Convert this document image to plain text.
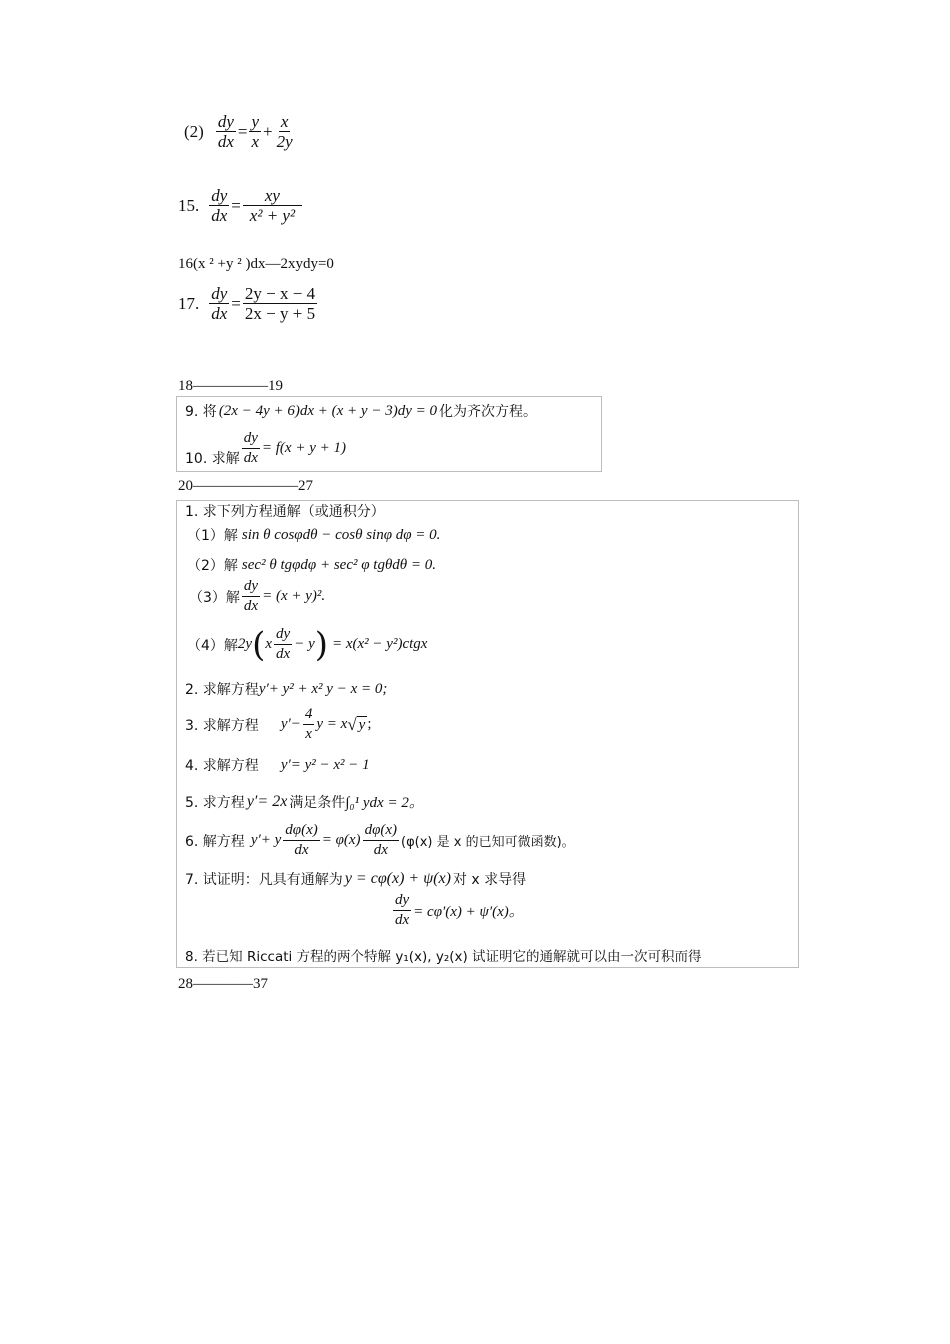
$(2) \frac{dy}{dx} = \frac{y}{x} + \frac{x}{2y}$
15. $\frac{dy}{dx} = \frac{xy}{\text{x² + y²}}$
16(x ² +y ² )dx—2xydy=0
17. $\frac{dy}{dx} = \frac{2y - x - 4}{2x - y + 5}$
18—————19
9. 将 (2x − 4y + 6)dx + (x + y − 3)dy = 0 化为齐次方程。
10. 求解 $\frac{dy}{dx} = f(x + y + 1)$
20———————27
1. 求下列方程通解（或通积分）
（1）解 sin θ cosφdθ − cosθ sinφ dφ = 0.
（2）解 sec² θ tgφdφ + sec² φ tgθdθ = 0.
（3）解 $\frac{dy}{dx} = (x + y)^2$.
（4）解 2y ( x $\frac{dy}{dx} - y$ ) = x(x² − y²)ctgx
2. 求解方程 y′+ y² + x² y − x = 0;
3. 求解方程 $y'- \frac{4}{x}$ y = x √ y ;
4. 求解方程 y′= y² − x² − 1
5. 求方程 y′= 2x 满足条件 ∫₀¹ ydx = 2。
6. 解方程 y′+ y $\frac{d\varphi(x)}{dx} = \varphi(x) \frac{d\varphi(x)}{dx} (\varphi(x)$ 是 x 的已知可微函数)。
7. 试证明：凡具有通解为 y = cφ(x) + ψ(x) 对 x 求导得
$\frac{dy}{dx} = c\varphi'(x) + \psi'(x)$。
8. 若已知 Riccati 方程的两个特解 y₁(x), y₂(x) 试证明它的通解就可以由一次可积而得
28————37
